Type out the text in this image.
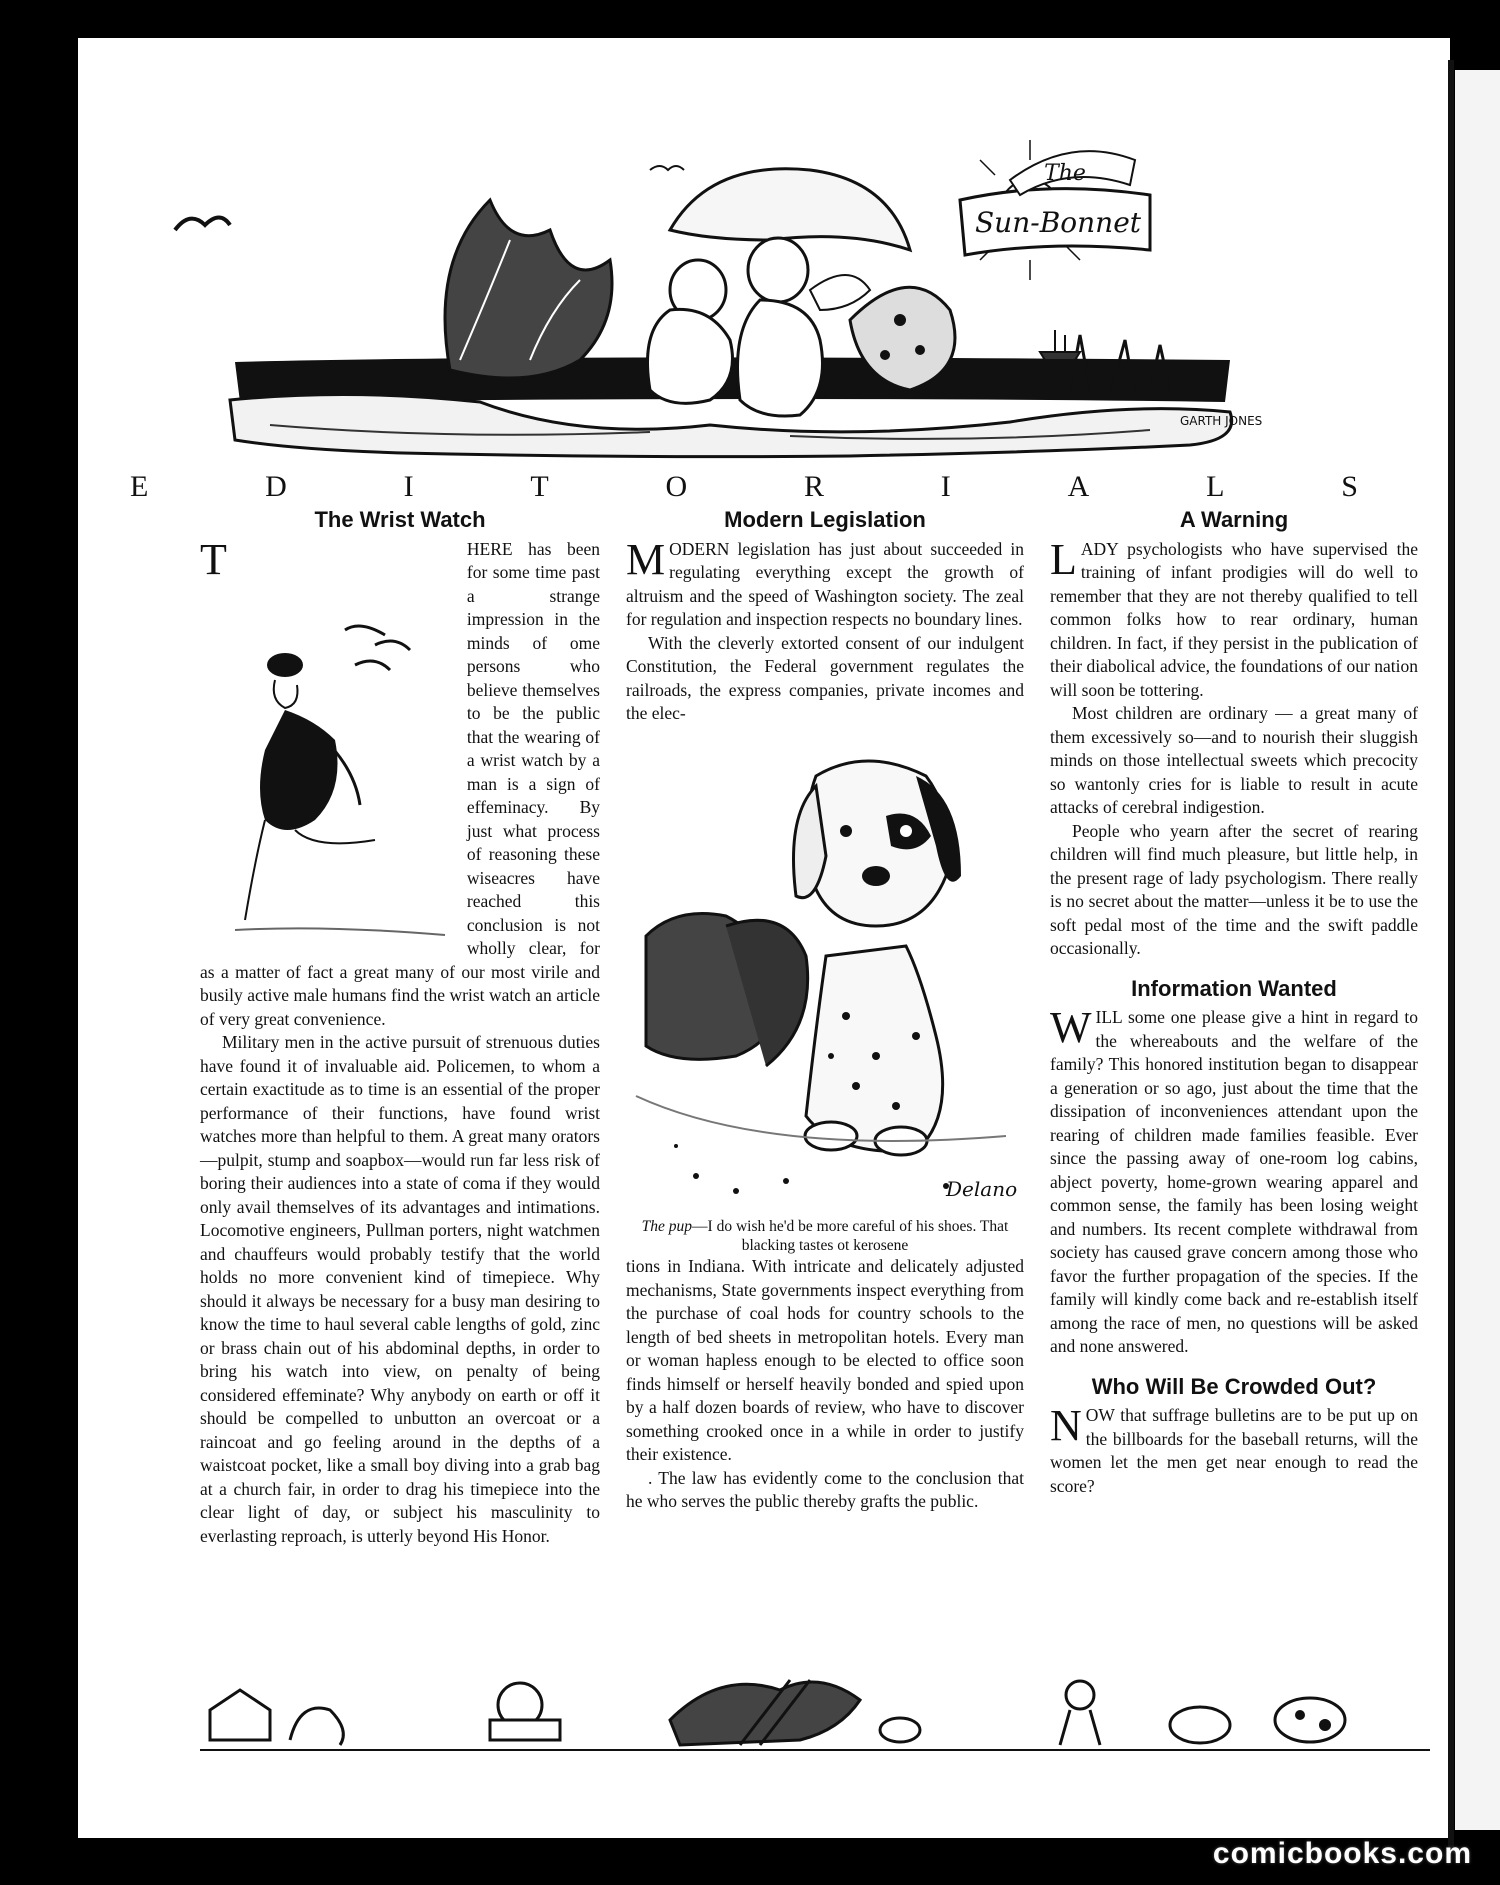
The
Sun-Bonnet
GARTH JONES
E	D	I	T	O	R	I	A	L	S
The Wrist Watch

T	HERE has been for some time past a strange impression in the minds of ome persons who believe themselves to be the public that the wearing of a wrist watch by a man is a sign of effeminacy. By just what process of reasoning these wiseacres have reached this conclusion is not wholly clear, for as a matter of fact a great many of our most virile and busily active male humans find the wrist watch an article of very great convenience.

Military men in the active pursuit of strenuous duties have found it of invaluable aid. Policemen, to whom a certain exactitude as to time is an essential of the proper performance of their functions, have found wrist watches more than helpful to them. A great many orators—pulpit, stump and soapbox—would run far less risk of boring their audiences into a state of coma if they would only avail themselves of its advantages and intimations. Locomotive engineers, Pullman porters, night watchmen and chauffeurs would probably testify that the world holds no more convenient kind of timepiece. Why should it always be necessary for a busy man desiring to know the time to haul several cable lengths of gold, zinc or brass chain out of his abdominal depths, in order to bring his watch into view, on penalty of being considered effeminate? Why anybody on earth or off it should be compelled to unbutton an overcoat or a raincoat and go feeling around in the depths of a waistcoat pocket, like a small boy diving into a grab bag at a church fair, in order to drag his timepiece into the clear light of day, or subject his masculinity to everlasting reproach, is utterly beyond His Honor.

Modern Legislation

M ODERN legislation has just about succeeded in regulating everything except the growth of altruism and the speed of Washington society. The zeal for regulation and inspection respects no boundary lines.

With the cleverly extorted consent of our indulgent Constitution, the Federal government regulates the railroads, the express companies, private incomes and the elec-

Delano

The pup—I do wish he'd be more careful of his shoes. That blacking tastes ot kerosene

tions in Indiana. With intricate and delicately adjusted mechanisms, State governments inspect everything from the purchase of coal hods for country schools to the length of bed sheets in metropolitan hotels. Every man or woman hapless enough to be elected to office soon finds himself or herself heavily bonded and spied upon by a half dozen boards of review, who have to discover something crooked once in a while in order to justify their existence.

. The law has evidently come to the conclusion that he who serves the public thereby grafts the public.

A Warning

L ADY psychologists who have supervised the training of infant prodigies will do well to remember that they are not thereby qualified to tell common folks how to rear ordinary, human children. In fact, if they persist in the publication of their diabolical advice, the foundations of our nation will soon be tottering.

Most children are ordinary — a great many of them excessively so—and to nourish their sluggish minds on those intellectual sweets which precocity so wantonly cries for is liable to result in acute attacks of cerebral indigestion.

People who yearn after the secret of rearing children will find much pleasure, but little help, in the present rage of lady psychologism. There really is no secret about the matter—unless it be to use the soft pedal most of the time and the swift paddle occasionally.

Information Wanted

W ILL some one please give a hint in regard to the whereabouts and the welfare of the family? This honored institution began to disappear a generation or so ago, just about the time that the dissipation of inconveniences attendant upon the rearing of children made families feasible. Ever since the passing away of one-room log cabins, abject poverty, home-grown wearing apparel and common sense, the family has been losing weight and numbers. Its recent complete withdrawal from society has caused grave concern among those who favor the further propagation of the species. If the family will kindly come back and re-establish itself among the race of men, no questions will be asked and none answered.

Who Will Be Crowded Out?

N OW that suffrage bulletins are to be put up on the billboards for the baseball returns, will the women let the men get near enough to read the score?

comicbooks.com
